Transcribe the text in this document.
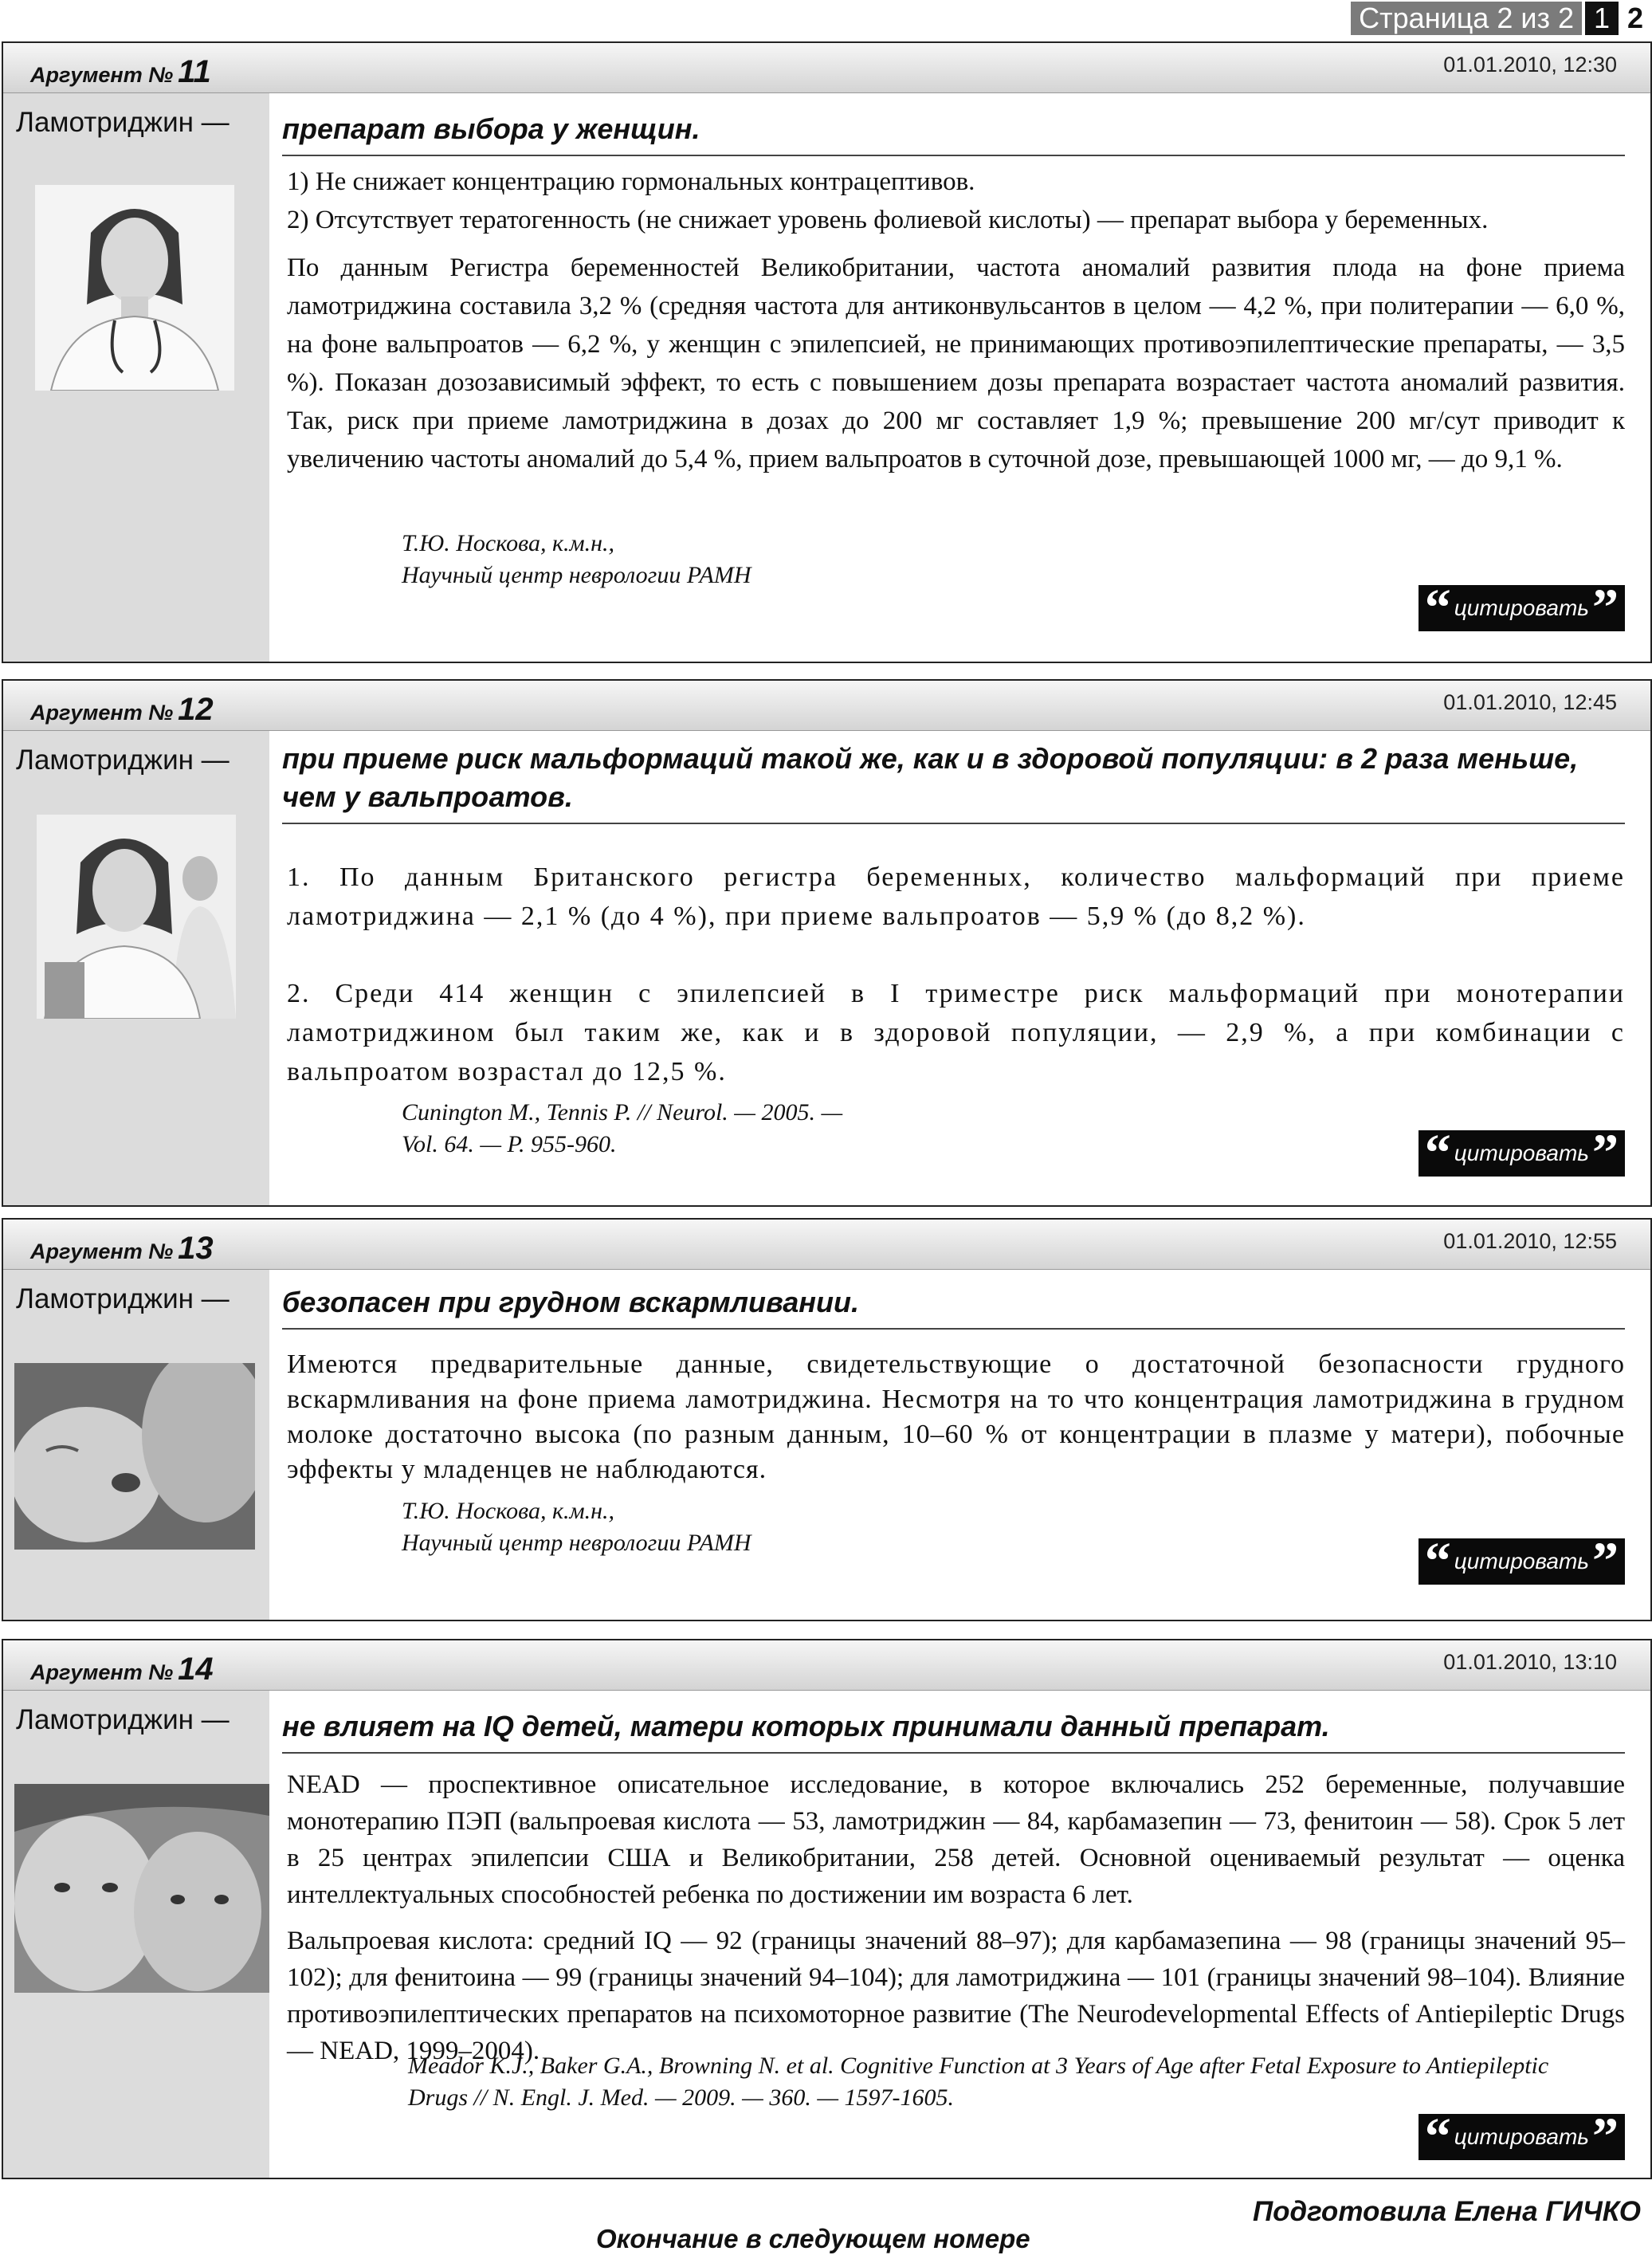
Страница 2 из 2 1 2
Аргумент № 11	01.01.2010, 12:30
Ламотриджин — препарат выбора у женщин.

1) Не снижает концентрацию гормональных контрацептивов.

2) Отсутствует тератогенность (не снижает уровень фолиевой кислоты) — препарат выбора у беременных.

По данным Регистра беременностей Великобритании, частота аномалий развития плода на фоне приема ламотриджина составила 3,2 % (средняя частота для антиконвульсантов в целом — 4,2 %, при политерапии — 6,0 %, на фоне вальпроатов — 6,2 %, у женщин с эпилепсией, не принимающих противоэпилептические препараты, — 3,5 %). Показан дозозависимый эффект, то есть с повышением дозы препарата возрастает частота аномалий развития. Так, риск при приеме ламотриджина в дозах до 200 мг составляет 1,9 %; превышение 200 мг/сут приводит к увеличению частоты аномалий до 5,4 %, прием вальпроатов в суточной дозе, превышающей 1000 мг, — до 9,1 %.

Т.Ю. Носкова, к.м.н.,
Научный центр неврологии РАМН
“ цитировать ”
Аргумент № 12	01.01.2010, 12:45
Ламотриджин — при приеме риск мальформаций такой же, как и в здоровой популяции: в 2 раза меньше, чем у вальпроатов.

1. По данным Британского регистра беременных, количество мальформаций при приеме ламотриджина — 2,1 % (до 4 %), при приеме вальпроатов — 5,9 % (до 8,2 %).

2. Среди 414 женщин с эпилепсией в I триместре риск мальформаций при монотерапии ламотриджином был таким же, как и в здоровой популяции, — 2,9 %, а при комбинации с вальпроатом возрастал до 12,5 %.

Cunington M., Tennis P. // Neurol. — 2005. —
Vol. 64. — P. 955-960.	“ цитировать ”
Аргумент № 13	01.01.2010, 12:55
Ламотриджин — безопасен при грудном вскармливании.

Имеются предварительные данные, свидетельствующие о достаточной безопасности грудного вскармливания на фоне приема ламотриджина. Несмотря на то что концентрация ламотриджина в грудном молоке достаточно высока (по разным данным, 10–60 % от концентрации в плазме у матери), побочные эффекты у младенцев не наблюдаются.

Т.Ю. Носкова, к.м.н.,
Научный центр неврологии РАМН	“ цитировать ”
Аргумент № 14	01.01.2010, 13:10
Ламотриджин — не влияет на IQ детей, матери которых принимали данный препарат.

NEAD — проспективное описательное исследование, в которое включались 252 беременные, получавшие монотерапию ПЭП (вальпроевая кислота — 53, ламотриджин — 84, карбамазепин — 73, фенитоин — 58). Срок 5 лет в 25 центрах эпилепсии США и Великобритании, 258 детей. Основной оцениваемый результат — оценка интеллектуальных способностей ребенка по достижении им возраста 6 лет.

Вальпроевая кислота: средний IQ — 92 (границы значений 88–97); для карбамазепина — 98 (границы значений 95–102); для фенитоина — 99 (границы значений 94–104); для ламотриджина — 101 (границы значений 98–104). Влияние противоэпилептических препаратов на психомоторное развитие (The Neurodevelopmental Effects of Antiepileptic Drugs — NEAD, 1999–2004).

Meador K.J., Baker G.A., Browning N. et al. Cognitive Function at 3 Years of Age after Fetal Exposure to Antiepileptic Drugs // N. Engl. J. Med. — 2009. — 360. — 1597-1605.
“ цитировать ”
Подготовила Елена ГИЧКО
Окончание в следующем номере
